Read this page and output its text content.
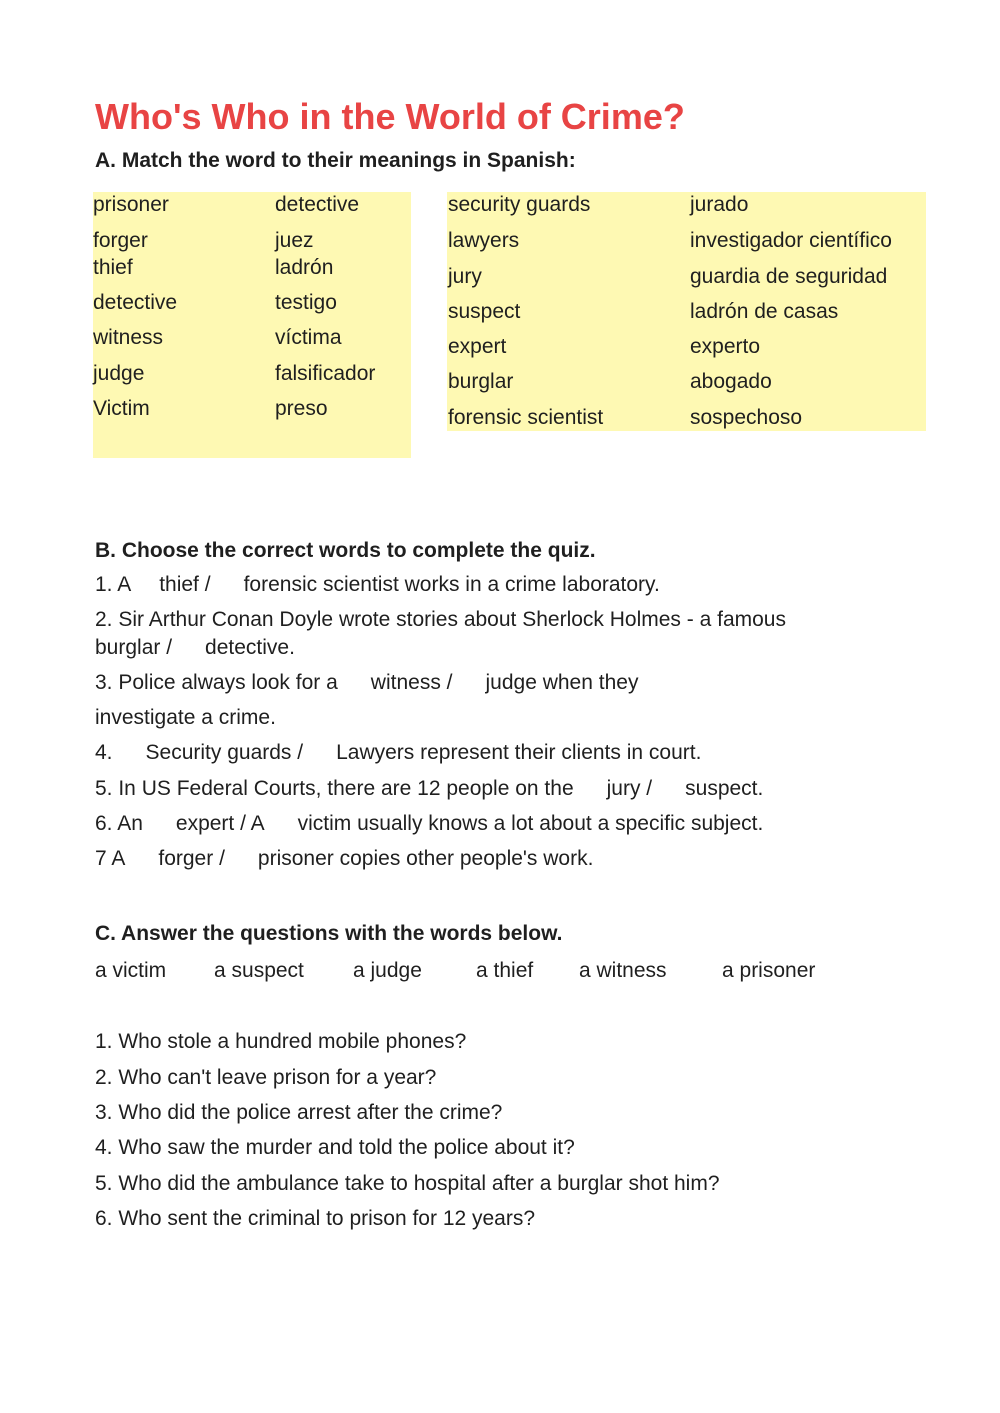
Who's Who in the World of Crime?
A. Match the word to their meanings in Spanish:
prisoner
forger
thief
detective
witness
judge
Victim
detective
juez
ladrón
testigo
víctima
falsificador
preso
security guards
lawyers
jury
suspect
expert
burglar
forensic scientist
jurado
investigador científico
guardia de seguridad
ladrón de casas
experto
abogado
sospechoso
B. Choose the correct words to complete the quiz.
1. A thief / forensic scientist works in a crime laboratory.
2. Sir Arthur Conan Doyle wrote stories about Sherlock Holmes - a famous
burglar / detective.
3. Police always look for a witness / judge when they
investigate a crime.
4. Security guards / Lawyers represent their clients in court.
5. In US Federal Courts, there are 12 people on the jury / suspect.
6. An expert / A victim usually knows a lot about a specific subject.
7 A forger / prisoner copies other people's work.
C. Answer the questions with the words below.
a victim a suspect a judge	a thief a witness	a prisoner
1. Who stole a hundred mobile phones?
2. Who can't leave prison for a year?
3. Who did the police arrest after the crime?
4. Who saw the murder and told the police about it?
5. Who did the ambulance take to hospital after a burglar shot him?
6. Who sent the criminal to prison for 12 years?
